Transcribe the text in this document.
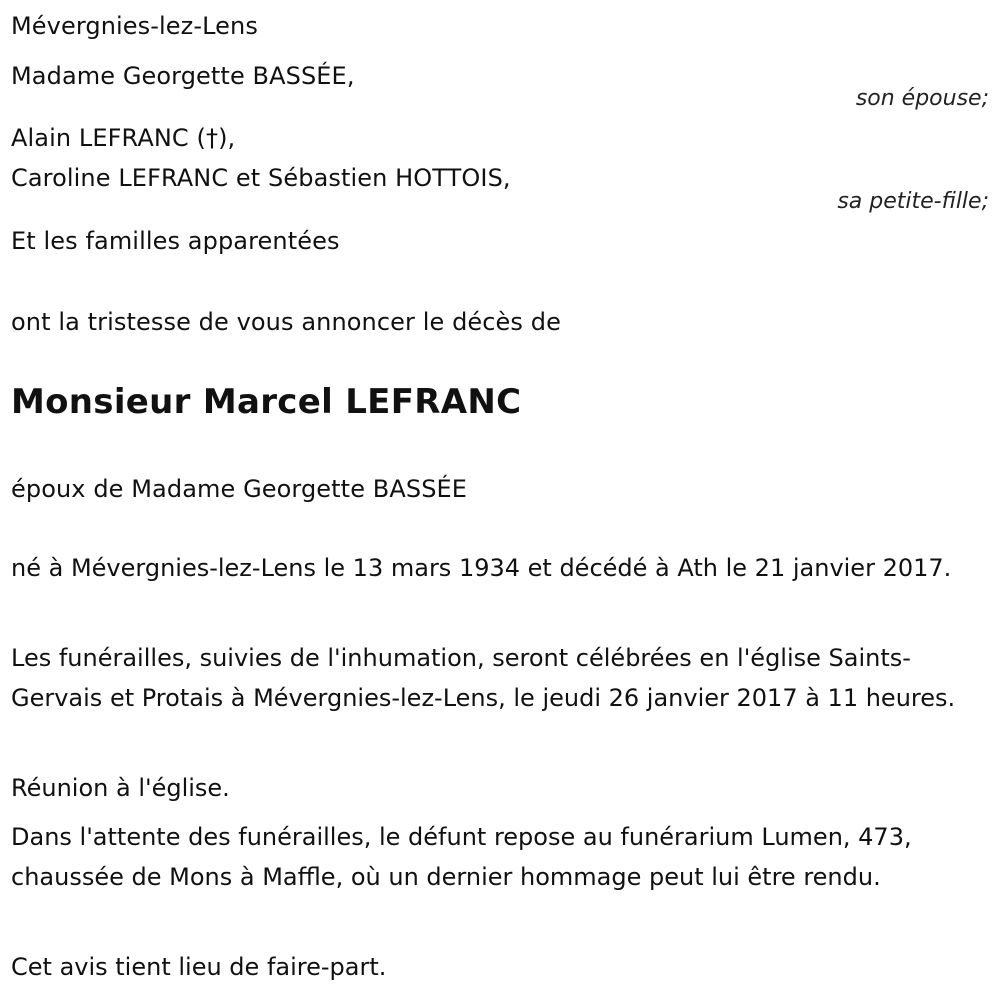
Mévergnies-lez-Lens
Madame Georgette BASSÉE,
son épouse;
Alain LEFRANC (†),
Caroline LEFRANC et Sébastien HOTTOIS,
sa petite-fille;
Et les familles apparentées
ont la tristesse de vous annoncer le décès de
Monsieur Marcel LEFRANC
époux de Madame Georgette BASSÉE

né à Mévergnies-lez-Lens le 13 mars 1934 et décédé à Ath le 21 janvier 2017.

Les funérailles, suivies de l'inhumation, seront célébrées en l'église Saints-Gervais et Protais à Mévergnies-lez-Lens, le jeudi 26 janvier 2017 à 11 heures.

Réunion à l'église.

Dans l'attente des funérailles, le défunt repose au funérarium Lumen, 473, chaussée de Mons à Maffle, où un dernier hommage peut lui être rendu.

Cet avis tient lieu de faire-part.
